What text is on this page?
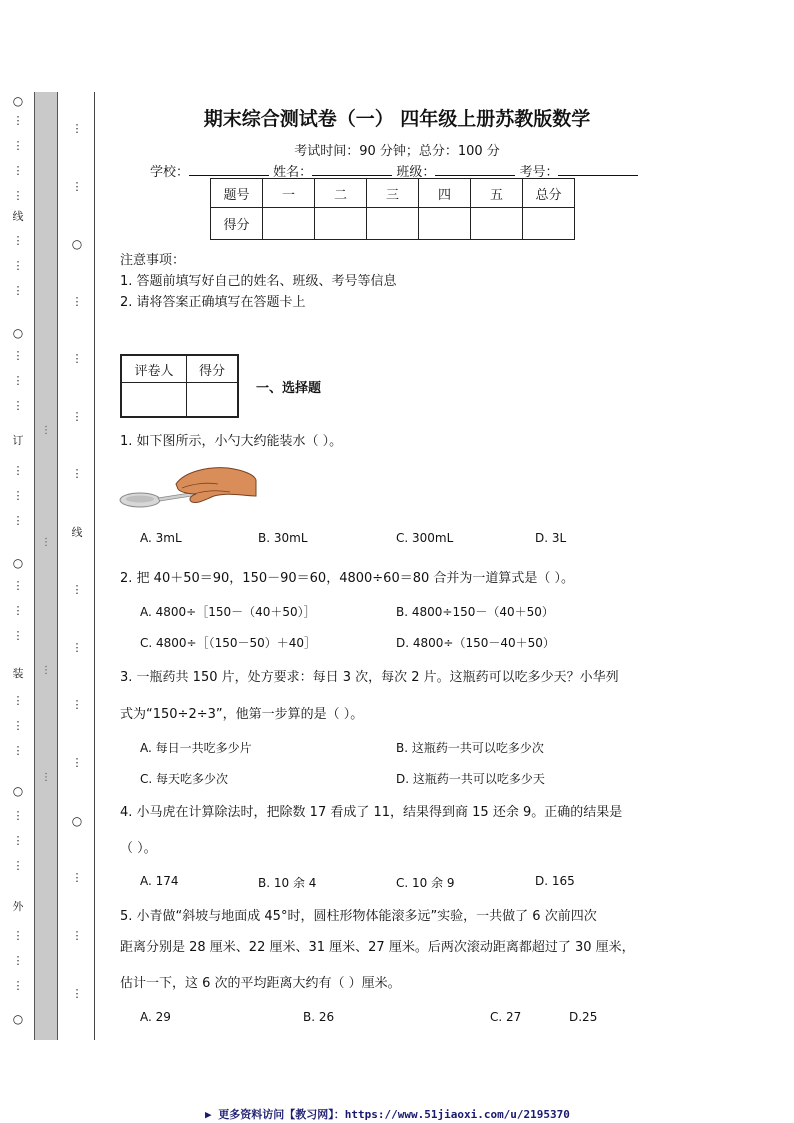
○
⋮
⋮
⋮
⋮
线
⋮
⋮
⋮
○
⋮
⋮
⋮
订
⋮
⋮
⋮
○
⋮
⋮
⋮
装
⋮
⋮
⋮
○
⋮
⋮
⋮
外
⋮
⋮
⋮
○
⋮
⋮
⋮
⋮
⋮
⋮
○
⋮
⋮
⋮
⋮
线
⋮
⋮
⋮
⋮
○
⋮
⋮
⋮
期末综合测试卷（一） 四年级上册苏教版数学
考试时间：90 分钟；总分：100 分
学校：	姓名：	班级：	考号：
题号	一	二	三	四	五	总分
得分						
注意事项：
1. 答题前填写好自己的姓名、班级、考号等信息
2. 请将答案正确填写在答题卡上
评卷人	得分

一、选择题
1. 如下图所示，小勺大约能装水（ ）。
A. 3mL	B. 30mL	C. 300mL	D. 3L
2. 把 40＋50＝90，150－90＝60，4800÷60＝80 合并为一道算式是（ ）。
A. 4800÷［150－（40＋50）］	B. 4800÷150－（40＋50）
C. 4800÷［（150－50）＋40］	D. 4800÷（150－40＋50）
3. 一瓶药共 150 片，处方要求：每日 3 次，每次 2 片。这瓶药可以吃多少天？小华列
式为“150÷2÷3”，他第一步算的是（ ）。
A. 每日一共吃多少片	B. 这瓶药一共可以吃多少次
C. 每天吃多少次	D. 这瓶药一共可以吃多少天
4. 小马虎在计算除法时，把除数 17 看成了 11，结果得到商 15 还余 9。正确的结果是
（ ）。
A. 174	B. 10 余 4	C. 10 余 9	D. 165
5. 小青做“斜坡与地面成 45°时，圆柱形物体能滚多远”实验，一共做了 6 次前四次
距离分别是 28 厘米、22 厘米、31 厘米、27 厘米。后两次滚动距离都超过了 30 厘米，
估计一下，这 6 次的平均距离大约有（ ）厘米。
A. 29	B. 26	C. 27	D.25
▶ 更多资料访问【教习网】：https://www.51jiaoxi.com/u/2195370
